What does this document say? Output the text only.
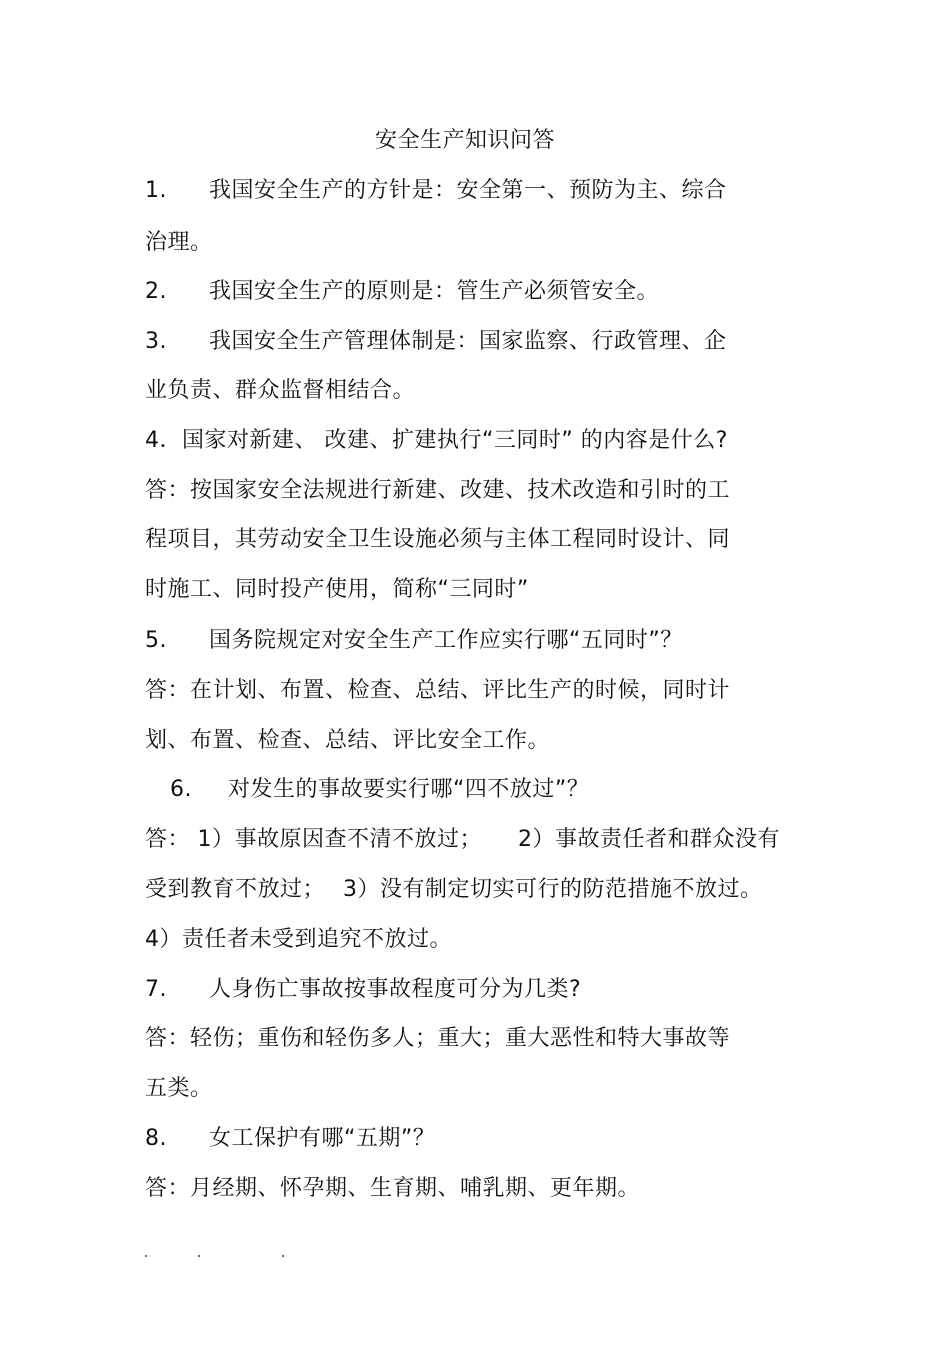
安全生产知识问答
1. 我国安全生产的方针是：安全第一、预防为主、综合
治理。
2. 我国安全生产的原则是：管生产必须管安全。
3. 我国安全生产管理体制是：国家监察、行政管理、企
业负责、群众监督相结合。
4．国家对新建、 改建、扩建执行“三同时” 的内容是什么?
答：按国家安全法规进行新建、改建、技术改造和引时的工
程项目，其劳动安全卫生设施必须与主体工程同时设计、同
时施工、同时投产使用，简称“三同时”
5. 国务院规定对安全生产工作应实行哪“五同时”？
答：在计划、布置、检查、总结、评比生产的时候，同时计
划、布置、检查、总结、评比安全工作。
6. 对发生的事故要实行哪“四不放过”？
答： 1）事故原因查不清不放过； 2）事故责任者和群众没有
受到教育不放过； 3）没有制定切实可行的防范措施不放过。
4）责任者未受到追究不放过。
7. 人身伤亡事故按事故程度可分为几类?
答：轻伤；重伤和轻伤多人；重大；重大恶性和特大事故等
五类。
8. 女工保护有哪“五期”？
答：月经期、怀孕期、生育期、哺乳期、更年期。
